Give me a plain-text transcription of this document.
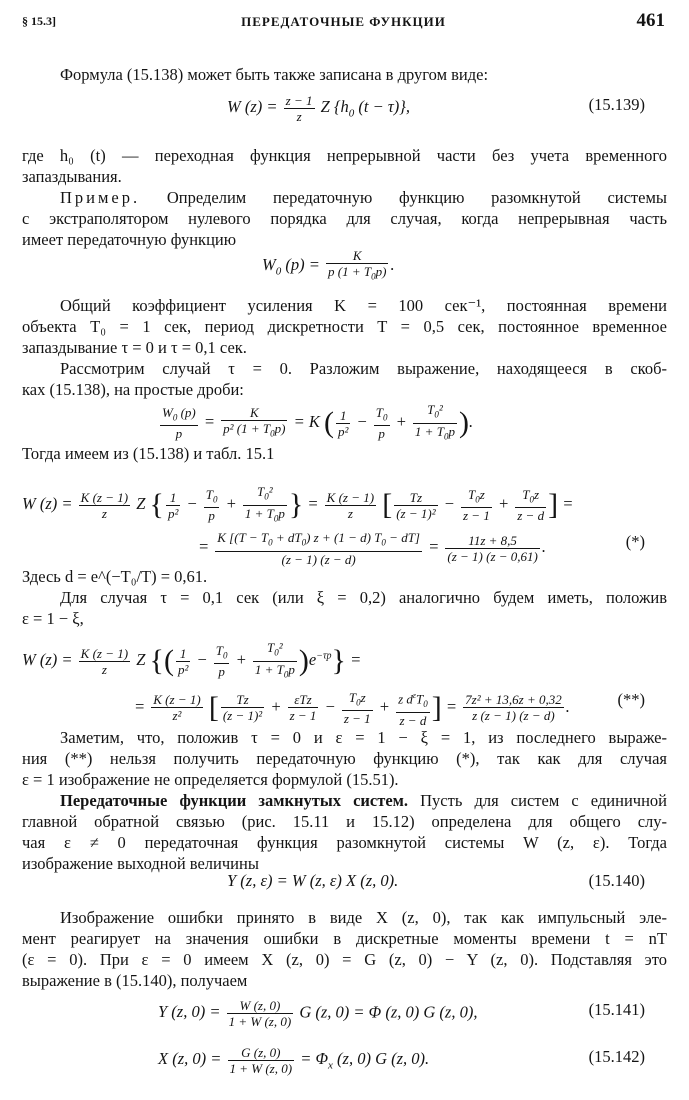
§ 15.3]	ПЕРЕДАТОЧНЫЕ ФУНКЦИИ	461
Формула (15.138) может быть также записана в другом виде:
W $(z) = \frac{z - 1}{z}$ Z {$h_0$ (t − τ)},	(15.139)
где h₀ (t) — переходная функция непрерывной части без учета временного
запаздывания.
Пример. Определим передаточную функцию разомкнутой системы
с экстраполятором нулевого порядка для случая, когда непрерывная часть
имеет передаточную функцию
$W_0$ $(p) = \frac{K}{p (1 + T_0p)}$ .
Общий коэффициент усиления K = 100 сек⁻¹, постоянная времени
объекта T₀ = 1 сек, период дискретности T = 0,5 сек, постоянное временное
запаздывание τ = 0 и τ = 0,1 сек.
Рассмотрим случай τ = 0. Разложим выражение, находящееся в скоб-
ках (15.138), на простые дроби:
$\frac{W_0 (p)}{p} = \frac{K}{p^2 (1 + T_0p)} = K$ ( $\frac{1}{\text{p²}} - \frac{T_0}{p} + \frac{T_0^2}{1 + T_0p}$ ).
Тогда имеем из (15.138) и табл. 15.1
W $(z) = \frac{K (z - 1)}{z}$ Z { $\frac{1}{\text{p²}} - \frac{T_0}{p} + \frac{T_0^2}{1 + T_0p}$ } = $\frac{K (z - 1)}{z}$ [ $\frac{Tz}{\text{(z − 1)²}} - \frac{T_0z}{z - 1} + \frac{T_0z}{z - d}$ ] =
= $\frac{K [(T - T_0 + dT_0) z + (1 - d) T_0 - dT]}{(z - 1) (z - d)} = \frac{11z + 8,5}{(z - 1) (z - 0,61)}$ .	(*)
Здесь d = e^(−T₀/T) = 0,61.
Для случая τ = 0,1 сек (или ξ = 0,2) аналогично будем иметь, положив
ε = 1 − ξ,
W $(z) = \frac{K (z - 1)}{z}$ Z {( $\frac{1}{\text{p²}} - \frac{T_0}{p} + \frac{T_0^2}{1 + T_0p} )e^{-\tau p}$} =
= $\frac{K (z - 1)}{\text{z²}}$ [ $\frac{Tz}{\text{(z − 1)²}} + \frac{\text{εTz}}{z - 1} - \frac{T_0z}{z - 1} + \frac{z d^\varepsilon T_0}{z - d}$ ] = $\frac{\text{7z² + 13,6z + 0,32}}{z (z - 1) (z - d)}$ .	(**)
Заметим, что, положив τ = 0 и ε = 1 − ξ = 1, из последнего выраже-
ния (**) нельзя получить передаточную функцию (*), так как для случая
ε = 1 изображение не определяется формулой (15.51).
Передаточные функции замкнутых систем. Пусть для систем с единичной
главной обратной связью (рис. 15.11 и 15.12) определена для общего слу-
чая ε ≠ 0 передаточная функция разомкнутой системы W (z, ε). Тогда
изображение выходной величины
Y (z, ε) = W (z, ε) X (z, 0).	(15.140)
Изображение ошибки принято в виде X (z, 0), так как импульсный эле-
мент реагирует на значения ошибки в дискретные моменты времени t = nT
(ε = 0). При ε = 0 имеем X (z, 0) = G (z, 0) − Y (z, 0). Подставляя это
выражение в (15.140), получаем
Y (z, $0) = \frac{W (z, 0)}{1 + W (z, 0)}$ G (z, 0) = Φ (z, 0) G (z, 0),	(15.141)
X (z, $0) = \frac{G (z, 0)}{1 + W (z, 0)} = \Phi_x$ (z, 0) G (z, 0).	(15.142)
